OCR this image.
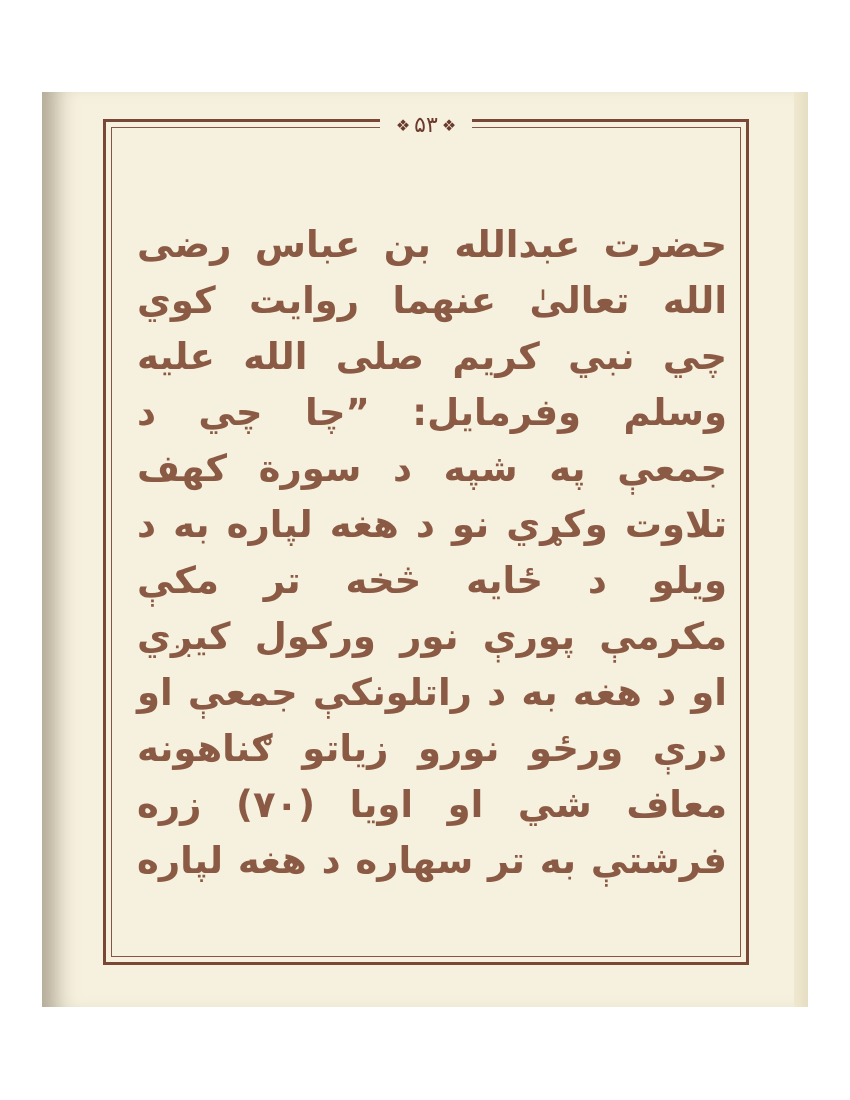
❖ ۵۳ ❖
حضرت عبدالله بن عباس رضی
الله تعالیٰ عنهما روایت کوي
چي نبي کریم صلی الله علیه
وسلم وفرمایل: ”چا چي د
جمعې په شپه د سورة کهف
تلاوت وکړي نو د هغه لپاره به د
ویلو د ځایه څخه تر مکې
مکرمې پورې نور ورکول کیږي
او د هغه به د راتلونکې جمعې او
درې ورځو نورو زیاتو ګناهونه
معاف شي او اویا (۷۰) زره
فرشتې به تر سهاره د هغه لپاره
